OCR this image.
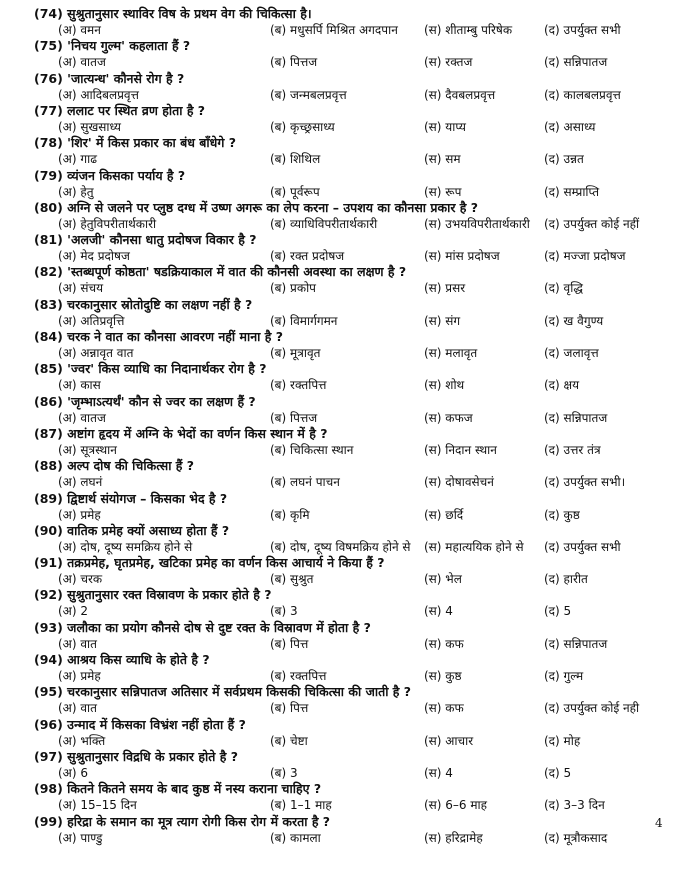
(74) सुश्रुतानुसार स्थाविर विष के प्रथम वेग की चिकित्सा है।
(अ) वमन	(ब) मधुसर्पि मिश्रित अगदपान	(स) शीताम्बु परिषेक	(द) उपर्युक्त सभी
(75) 'निचय गुल्म' कहलाता हैं ?
(अ) वातज	(ब) पित्तज	(स) रक्तज	(द) सन्निपातज
(76) 'जात्यन्ध' कौनसे रोग है ?
(अ) आदिबलप्रवृत्त	(ब) जन्मबलप्रवृत्त	(स) दैवबलप्रवृत्त	(द) कालबलप्रवृत्त
(77) ललाट पर स्थित व्रण होता है ?
(अ) सुखसाध्य	(ब) कृच्छ्रसाध्य	(स) याप्य	(द) असाध्य
(78) 'शिर' में किस प्रकार का बंध बाँधेगे ?
(अ) गाढ	(ब) शिथिल	(स) सम	(द) उन्नत
(79) व्यंजन किसका पर्याय है ?
(अ) हेतु	(ब) पूर्वरूप	(स) रूप	(द) सम्प्राप्ति
(80) अग्नि से जलने पर प्लुष्ठ दग्ध में उष्ण अगरू का लेप करना – उपशय का कौनसा प्रकार है ?
(अ) हेतुविपरीतार्थकारी	(ब) व्याधिविपरीतार्थकारी	(स) उभयविपरीतार्थकारी	(द) उपर्युक्त कोई नहीं
(81) 'अलजी' कौनसा धातु प्रदोषज विकार है ?
(अ) मेद प्रदोषज	(ब) रक्त प्रदोषज	(स) मांस प्रदोषज	(द) मज्जा प्रदोषज
(82) 'स्तब्धपूर्ण कोष्ठता' षडक्रियाकाल में वात की कौनसी अवस्था का लक्षण है ?
(अ) संचय	(ब) प्रकोप	(स) प्रसर	(द) वृद्धि
(83) चरकानुसार स्रोतोदुष्टि का लक्षण नहीं है ?
(अ) अतिप्रवृत्ति	(ब) विमार्गगमन	(स) संग	(द) ख वैगुण्य
(84) चरक ने वात का कौनसा आवरण नहीं माना है ?
(अ) अन्नावृत वात	(ब) मूत्रावृत	(स) मलावृत	(द) जलावृत्त
(85) 'ज्वर' किस व्याधि का निदानार्थकर रोग है ?
(अ) कास	(ब) रक्तपित्त	(स) शोथ	(द) क्षय
(86) 'जृम्भाऽत्यर्थं' कौन से ज्वर का लक्षण हैं ?
(अ) वातज	(ब) पित्तज	(स) कफज	(द) सन्निपातज
(87) अष्टांग हृदय में अग्नि के भेदों का वर्णन किस स्थान में है ?
(अ) सूत्रस्थान	(ब) चिकित्सा स्थान	(स) निदान स्थान	(द) उत्तर तंत्र
(88) अल्प दोष की चिकित्सा हैं ?
(अ) लघनं	(ब) लघनं पाचन	(स) दोषावसेचनं	(द) उपर्युक्त सभी।
(89) द्विष्टार्थ संयोगज – किसका भेद है ?
(अ) प्रमेह	(ब) कृमि	(स) छर्दि	(द) कुष्ठ
(90) वातिक प्रमेह क्यों असाध्य होता हैं ?
(अ) दोष, दूष्य समक्रिय होने से	(ब) दोष, दूष्य विषमक्रिय होने से	(स) महात्ययिक होने से	(द) उपर्युक्त सभी
(91) तक्रप्रमेह, घृतप्रमेह, खटिका प्रमेह का वर्णन किस आचार्य ने किया हैं ?
(अ) चरक	(ब) सुश्रुत	(स) भेल	(द) हारीत
(92) सुश्रुतानुसार रक्त विस्रावण के प्रकार होते है ?
(अ) 2	(ब) 3	(स) 4	(द) 5
(93) जलौका का प्रयोग कौनसे दोष से दुष्ट रक्त के विस्रावण में होता है ?
(अ) वात	(ब) पित्त	(स) कफ	(द) सन्निपातज
(94) आश्रय किस व्याधि के होते है ?
(अ) प्रमेह	(ब) रक्तपित्त	(स) कुष्ठ	(द) गुल्म
(95) चरकानुसार सन्निपातज अतिसार में सर्वप्रथम किसकी चिकित्सा की जाती है ?
(अ) वात	(ब) पित्त	(स) कफ	(द) उपर्युक्त कोई नही
(96) उन्माद में किसका विभ्रंश नहीं होता हैं ?
(अ) भक्ति	(ब) चेष्टा	(स) आचार	(द) मोह
(97) सुश्रुतानुसार विद्रधि के प्रकार होते है ?
(अ) 6	(ब) 3	(स) 4	(द) 5
(98) कितने कितने समय के बाद कुष्ठ में नस्य कराना चाहिए ?
(अ) 15–15 दिन	(ब) 1–1 माह	(स) 6–6 माह	(द) 3–3 दिन
(99) हरिद्रा के समान का मूत्र त्याग रोगी किस रोग में करता है ?
(अ) पाण्डु	(ब) कामला	(स) हरिद्रामेह	(द) मूत्रौकसाद
4
